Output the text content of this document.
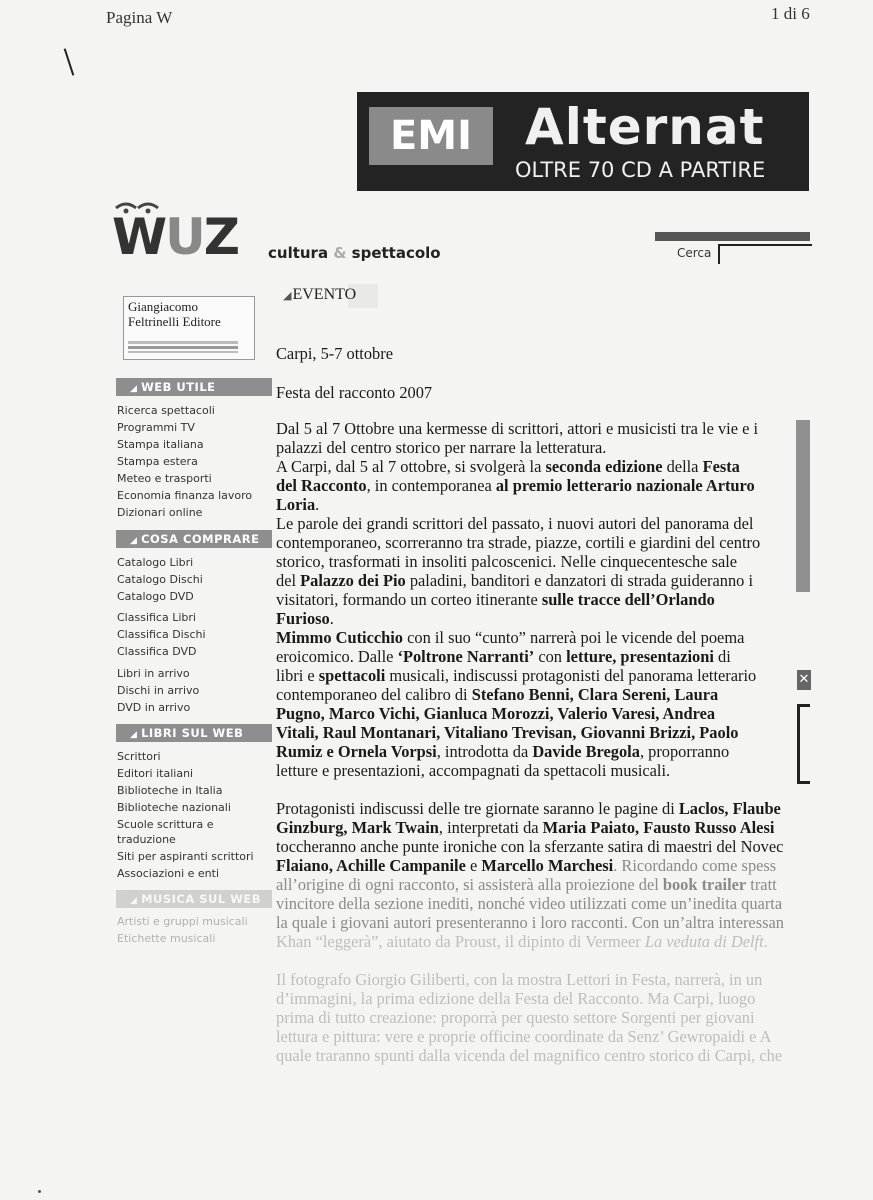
Pagina W	1 di 6
EMI	Alternat
OLTRE 70 CD A PARTIRE
WUZ cultura & spettacolo	Cerca
Giangiacomo
Feltrinelli Editore
◢ WEB UTILE
Ricerca spettacoli
Programmi TV
Stampa italiana
Stampa estera
Meteo e trasporti
Economia finanza lavoro
Dizionari online
◢ COSA COMPRARE
Catalogo Libri
Catalogo Dischi
Catalogo DVD
Classifica Libri
Classifica Dischi
Classifica DVD
Libri in arrivo
Dischi in arrivo
DVD in arrivo
◢ LIBRI SUL WEB
Scrittori
Editori italiani
Biblioteche in Italia
Biblioteche nazionali
Scuole scrittura e
traduzione
Siti per aspiranti scrittori
Associazioni e enti
◢ MUSICA SUL WEB
Artisti e gruppi musicali
Etichette musicali
◢ EVENTO
Carpi, 5-7 ottobre
Festa del racconto 2007
Dal 5 al 7 Ottobre una kermesse di scrittori, attori e musicisti tra le vie e i
palazzi del centro storico per narrare la letteratura.
A Carpi, dal 5 al 7 ottobre, si svolgerà la seconda edizione della Festa
del Racconto, in contemporanea al premio letterario nazionale Arturo
Loria.
Le parole dei grandi scrittori del passato, i nuovi autori del panorama del
contemporaneo, scorreranno tra strade, piazze, cortili e giardini del centro
storico, trasformati in insoliti palcoscenici. Nelle cinquecentesche sale
del Palazzo dei Pio paladini, banditori e danzatori di strada guideranno i
visitatori, formando un corteo itinerante sulle tracce dell’Orlando
Furioso.
Mimmo Cuticchio con il suo “cunto” narrerà poi le vicende del poema
eroicomico. Dalle ‘Poltrone Narranti’ con letture, presentazioni di
libri e spettacoli musicali, indiscussi protagonisti del panorama letterario
contemporaneo del calibro di Stefano Benni, Clara Sereni, Laura
Pugno, Marco Vichi, Gianluca Morozzi, Valerio Varesi, Andrea
Vitali, Raul Montanari, Vitaliano Trevisan, Giovanni Brizzi, Paolo
Rumiz e Ornela Vorpsi, introdotta da Davide Bregola, proporranno
letture e presentazioni, accompagnati da spettacoli musicali.
Protagonisti indiscussi delle tre giornate saranno le pagine di Laclos, Flaube
Ginzburg, Mark Twain, interpretati da Maria Paiato, Fausto Russo Alesi
toccheranno anche punte ironiche con la sferzante satira di maestri del Novec
Flaiano, Achille Campanile e Marcello Marchesi. Ricordando come spess
all’origine di ogni racconto, si assisterà alla proiezione del book trailer tratt
vincitore della sezione inediti, nonché video utilizzati come un’inedita quarta
la quale i giovani autori presenteranno i loro racconti. Con un’altra interessan
Khan “leggerà”, aiutato da Proust, il dipinto di Vermeer La veduta di Delft.
Il fotografo Giorgio Giliberti, con la mostra Lettori in Festa, narrerà, in un
d’immagini, la prima edizione della Festa del Racconto. Ma Carpi, luogo
prima di tutto creazione: proporrà per questo settore Sorgenti per giovani
lettura e pittura: vere e proprie officine coordinate da Senz’ Gewropaidi e A
quale traranno spunti dalla vicenda del magnifico centro storico di Carpi, che
✕
